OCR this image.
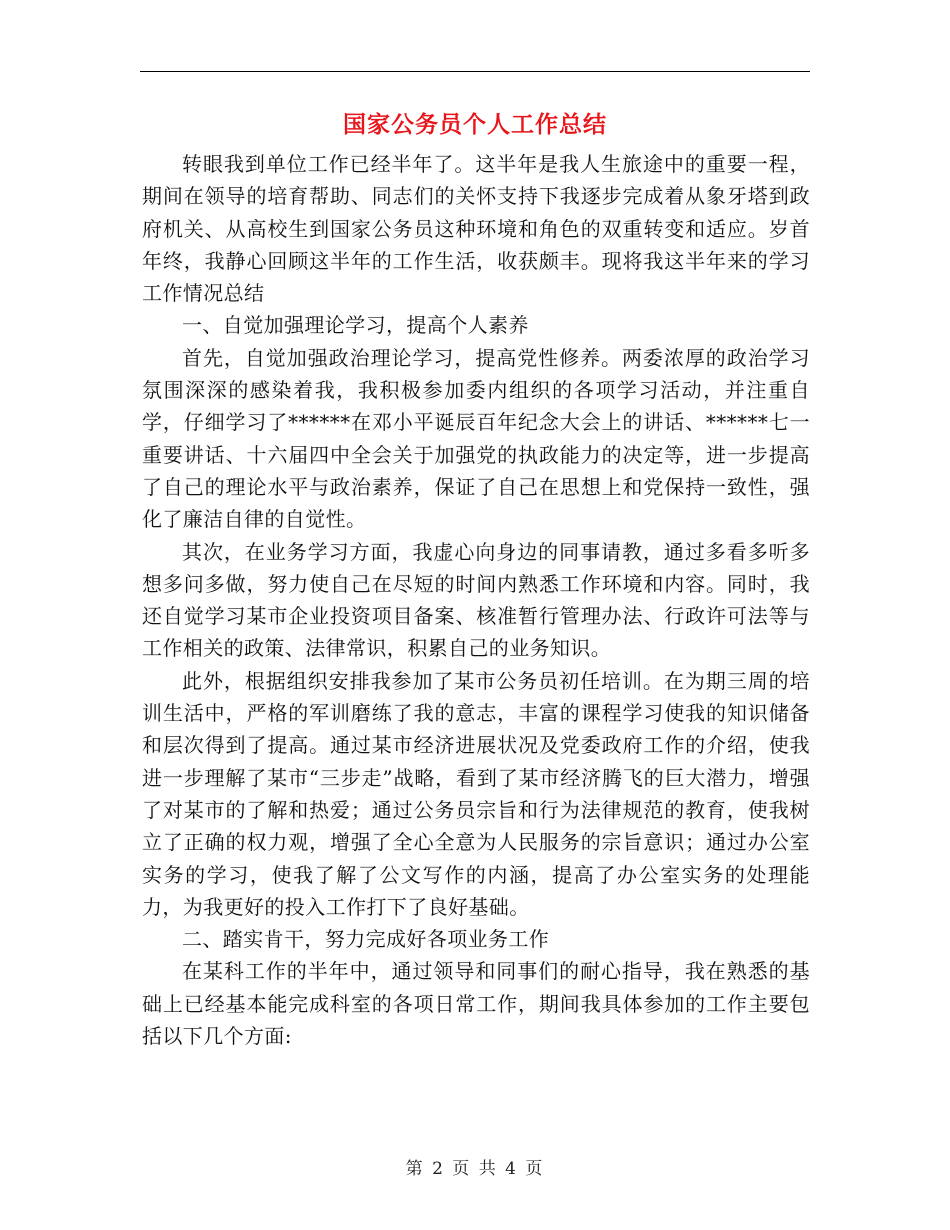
国家公务员个人工作总结

转眼我到单位工作已经半年了。这半年是我人生旅途中的重要一程，期间在领导的培育帮助、同志们的关怀支持下我逐步完成着从象牙塔到政府机关、从高校生到国家公务员这种环境和角色的双重转变和适应。岁首年终，我静心回顾这半年的工作生活，收获颇丰。现将我这半年来的学习工作情况总结

一、自觉加强理论学习，提高个人素养

首先，自觉加强政治理论学习，提高党性修养。两委浓厚的政治学习氛围深深的感染着我，我积极参加委内组织的各项学习活动，并注重自学，仔细学习了******在邓小平诞辰百年纪念大会上的讲话、******七一重要讲话、十六届四中全会关于加强党的执政能力的决定等，进一步提高了自己的理论水平与政治素养，保证了自己在思想上和党保持一致性，强化了廉洁自律的自觉性。

其次，在业务学习方面，我虚心向身边的同事请教，通过多看多听多想多问多做，努力使自己在尽短的时间内熟悉工作环境和内容。同时，我还自觉学习某市企业投资项目备案、核准暂行管理办法、行政许可法等与工作相关的政策、法律常识，积累自己的业务知识。

此外，根据组织安排我参加了某市公务员初任培训。在为期三周的培训生活中，严格的军训磨练了我的意志，丰富的课程学习使我的知识储备和层次得到了提高。通过某市经济进展状况及党委政府工作的介绍，使我进一步理解了某市“三步走”战略，看到了某市经济腾飞的巨大潜力，增强了对某市的了解和热爱；通过公务员宗旨和行为法律规范的教育，使我树立了正确的权力观，增强了全心全意为人民服务的宗旨意识；通过办公室实务的学习，使我了解了公文写作的内涵，提高了办公室实务的处理能力，为我更好的投入工作打下了良好基础。

二、踏实肯干，努力完成好各项业务工作

在某科工作的半年中，通过领导和同事们的耐心指导，我在熟悉的基础上已经基本能完成科室的各项日常工作，期间我具体参加的工作主要包括以下几个方面:

第 2 页 共 4 页
